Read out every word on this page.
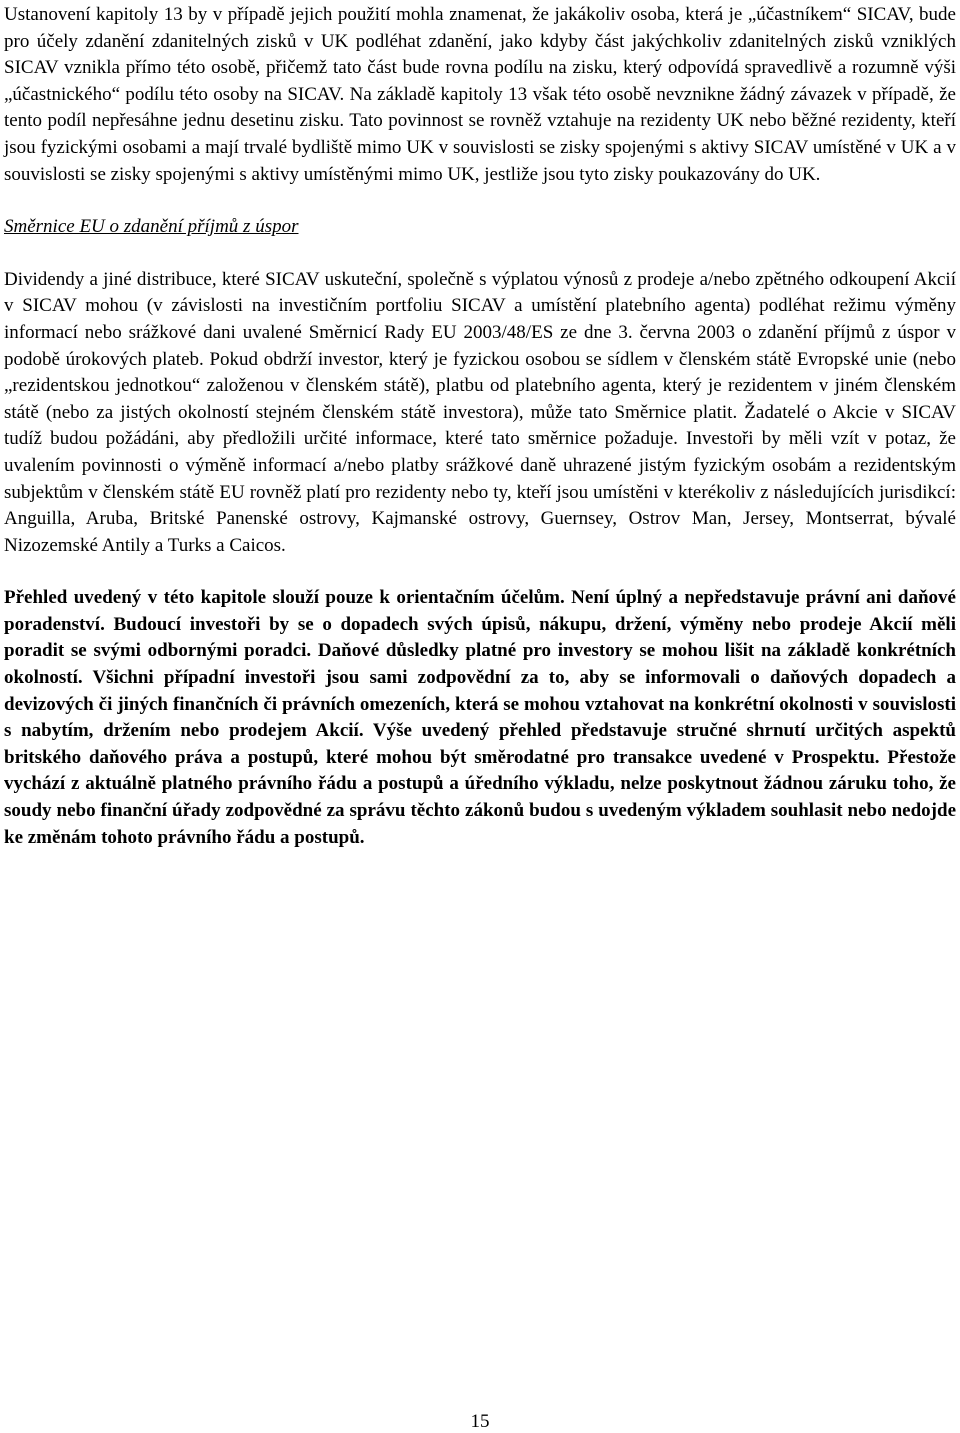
Ustanovení kapitoly 13 by v případě jejich použití mohla znamenat, že jakákoliv osoba, která je „účastníkem“ SICAV, bude pro účely zdanění zdanitelných zisků v UK podléhat zdanění, jako kdyby část jakýchkoliv zdanitelných zisků vzniklých SICAV vznikla přímo této osobě, přičemž tato část bude rovna podílu na zisku, který odpovídá spravedlivě a rozumně výši „účastnického“ podílu této osoby na SICAV. Na základě kapitoly 13 však této osobě nevznikne žádný závazek v případě, že tento podíl nepřesáhne jednu desetinu zisku. Tato povinnost se rovněž vztahuje na rezidenty UK nebo běžné rezidenty, kteří jsou fyzickými osobami a mají trvalé bydliště mimo UK v souvislosti se zisky spojenými s aktivy SICAV umístěné v UK a v souvislosti se zisky spojenými s aktivy umístěnými mimo UK, jestliže jsou tyto zisky poukazovány do UK.

Směrnice EU o zdanění příjmů z úspor

Dividendy a jiné distribuce, které SICAV uskuteční, společně s výplatou výnosů z prodeje a/nebo zpětného odkoupení Akcií v SICAV mohou (v závislosti na investičním portfoliu SICAV a umístění platebního agenta) podléhat režimu výměny informací nebo srážkové dani uvalené Směrnicí Rady EU 2003/48/ES ze dne 3. června 2003 o zdanění příjmů z úspor v podobě úrokových plateb. Pokud obdrží investor, který je fyzickou osobou se sídlem v členském státě Evropské unie (nebo „rezidentskou jednotkou“ založenou v členském státě), platbu od platebního agenta, který je rezidentem v jiném členském státě (nebo za jistých okolností stejném členském státě investora), může tato Směrnice platit. Žadatelé o Akcie v SICAV tudíž budou požádáni, aby předložili určité informace, které tato směrnice požaduje. Investoři by měli vzít v potaz, že uvalením povinnosti o výměně informací a/nebo platby srážkové daně uhrazené jistým fyzickým osobám a rezidentským subjektům v členském státě EU rovněž platí pro rezidenty nebo ty, kteří jsou umístěni v kterékoliv z následujících jurisdikcí: Anguilla, Aruba, Britské Panenské ostrovy, Kajmanské ostrovy, Guernsey, Ostrov Man, Jersey, Montserrat, bývalé Nizozemské Antily a Turks a Caicos.

Přehled uvedený v této kapitole slouží pouze k orientačním účelům. Není úplný a nepředstavuje právní ani daňové poradenství. Budoucí investoři by se o dopadech svých úpisů, nákupu, držení, výměny nebo prodeje Akcií měli poradit se svými odbornými poradci. Daňové důsledky platné pro investory se mohou lišit na základě konkrétních okolností. Všichni případní investoři jsou sami zodpovědní za to, aby se informovali o daňových dopadech a devizových či jiných finančních či právních omezeních, která se mohou vztahovat na konkrétní okolnosti v souvislosti s nabytím, držením nebo prodejem Akcií. Výše uvedený přehled představuje stručné shrnutí určitých aspektů britského daňového práva a postupů, které mohou být směrodatné pro transakce uvedené v Prospektu. Přestože vychází z aktuálně platného právního řádu a postupů a úředního výkladu, nelze poskytnout žádnou záruku toho, že soudy nebo finanční úřady zodpovědné za správu těchto zákonů budou s uvedeným výkladem souhlasit nebo nedojde ke změnám tohoto právního řádu a postupů.

15
